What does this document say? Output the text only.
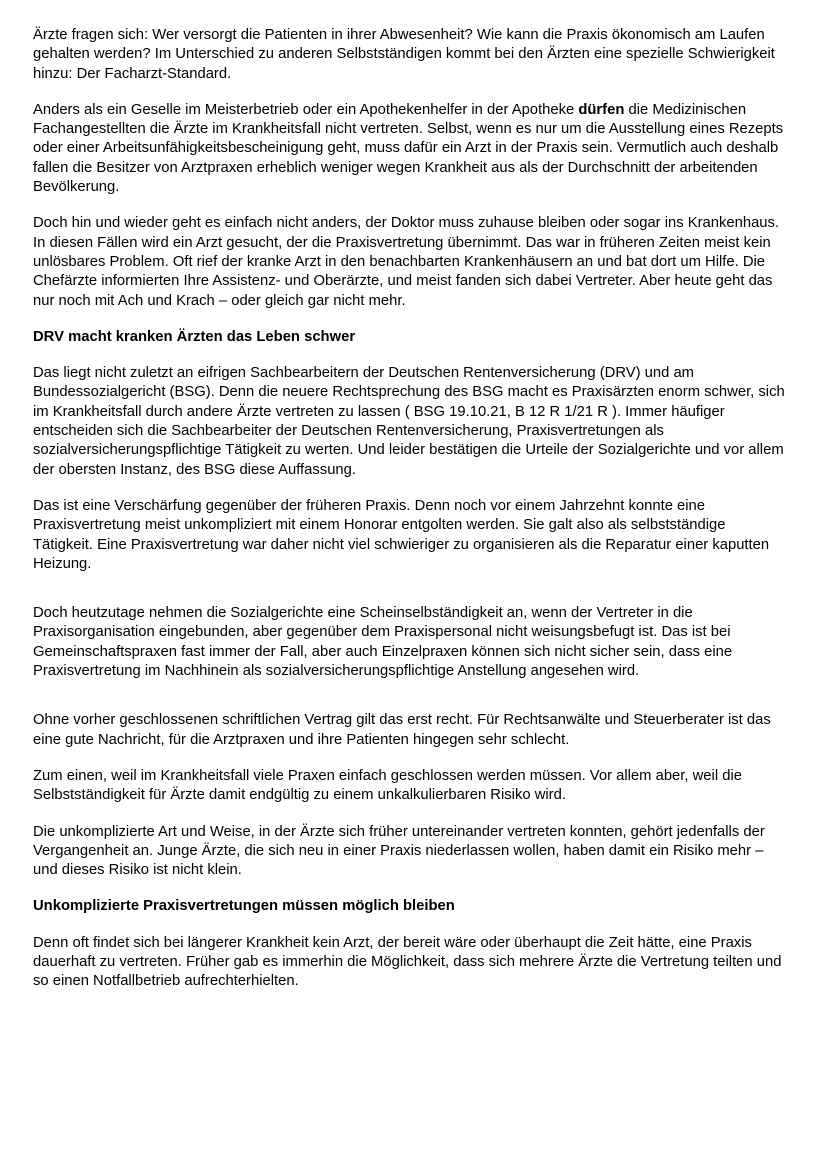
Ärzte fragen sich: Wer versorgt die Patienten in ihrer Abwesenheit? Wie kann die Praxis ökonomisch am Laufen gehalten werden? Im Unterschied zu anderen Selbstständigen kommt bei den Ärzten eine spezielle Schwierigkeit hinzu: Der Facharzt-Standard.

Anders als ein Geselle im Meisterbetrieb oder ein Apothekenhelfer in der Apotheke dürfen die Medizinischen Fachangestellten die Ärzte im Krankheitsfall nicht vertreten. Selbst, wenn es nur um die Ausstellung eines Rezepts oder einer Arbeitsunfähigkeitsbescheinigung geht, muss dafür ein Arzt in der Praxis sein. Vermutlich auch deshalb fallen die Besitzer von Arztpraxen erheblich weniger wegen Krankheit aus als der Durchschnitt der arbeitenden Bevölkerung.

Doch hin und wieder geht es einfach nicht anders, der Doktor muss zuhause bleiben oder sogar ins Krankenhaus. In diesen Fällen wird ein Arzt gesucht, der die Praxisvertretung übernimmt. Das war in früheren Zeiten meist kein unlösbares Problem. Oft rief der kranke Arzt in den benachbarten Krankenhäusern an und bat dort um Hilfe. Die Chefärzte informierten Ihre Assistenz- und Oberärzte, und meist fanden sich dabei Vertreter. Aber heute geht das nur noch mit Ach und Krach – oder gleich gar nicht mehr.

DRV macht kranken Ärzten das Leben schwer

Das liegt nicht zuletzt an eifrigen Sachbearbeitern der Deutschen Rentenversicherung (DRV) und am Bundessozialgericht (BSG). Denn die neuere Rechtsprechung des BSG macht es Praxisärzten enorm schwer, sich im Krankheitsfall durch andere Ärzte vertreten zu lassen ( BSG 19.10.21, B 12 R 1/21 R ). Immer häufiger entscheiden sich die Sachbearbeiter der Deutschen Rentenversicherung, Praxisvertretungen als sozialversicherungspflichtige Tätigkeit zu werten. Und leider bestätigen die Urteile der Sozialgerichte und vor allem der obersten Instanz, des BSG diese Auffassung.

Das ist eine Verschärfung gegenüber der früheren Praxis. Denn noch vor einem Jahrzehnt konnte eine Praxisvertretung meist unkompliziert mit einem Honorar entgolten werden. Sie galt also als selbstständige Tätigkeit. Eine Praxisvertretung war daher nicht viel schwieriger zu organisieren als die Reparatur einer kaputten Heizung.

Doch heutzutage nehmen die Sozialgerichte eine Scheinselbständigkeit an, wenn der Vertreter in die Praxisorganisation eingebunden, aber gegenüber dem Praxispersonal nicht weisungsbefugt ist. Das ist bei Gemeinschaftspraxen fast immer der Fall, aber auch Einzelpraxen können sich nicht sicher sein, dass eine Praxisvertretung im Nachhinein als sozialversicherungspflichtige Anstellung angesehen wird.

Ohne vorher geschlossenen schriftlichen Vertrag gilt das erst recht. Für Rechtsanwälte und Steuerberater ist das eine gute Nachricht, für die Arztpraxen und ihre Patienten hingegen sehr schlecht.

Zum einen, weil im Krankheitsfall viele Praxen einfach geschlossen werden müssen. Vor allem aber, weil die Selbstständigkeit für Ärzte damit endgültig zu einem unkalkulierbaren Risiko wird.

Die unkomplizierte Art und Weise, in der Ärzte sich früher untereinander vertreten konnten, gehört jedenfalls der Vergangenheit an. Junge Ärzte, die sich neu in einer Praxis niederlassen wollen, haben damit ein Risiko mehr – und dieses Risiko ist nicht klein.

Unkomplizierte Praxisvertretungen müssen möglich bleiben

Denn oft findet sich bei längerer Krankheit kein Arzt, der bereit wäre oder überhaupt die Zeit hätte, eine Praxis dauerhaft zu vertreten. Früher gab es immerhin die Möglichkeit, dass sich mehrere Ärzte die Vertretung teilten und so einen Notfallbetrieb aufrechterhielten.
